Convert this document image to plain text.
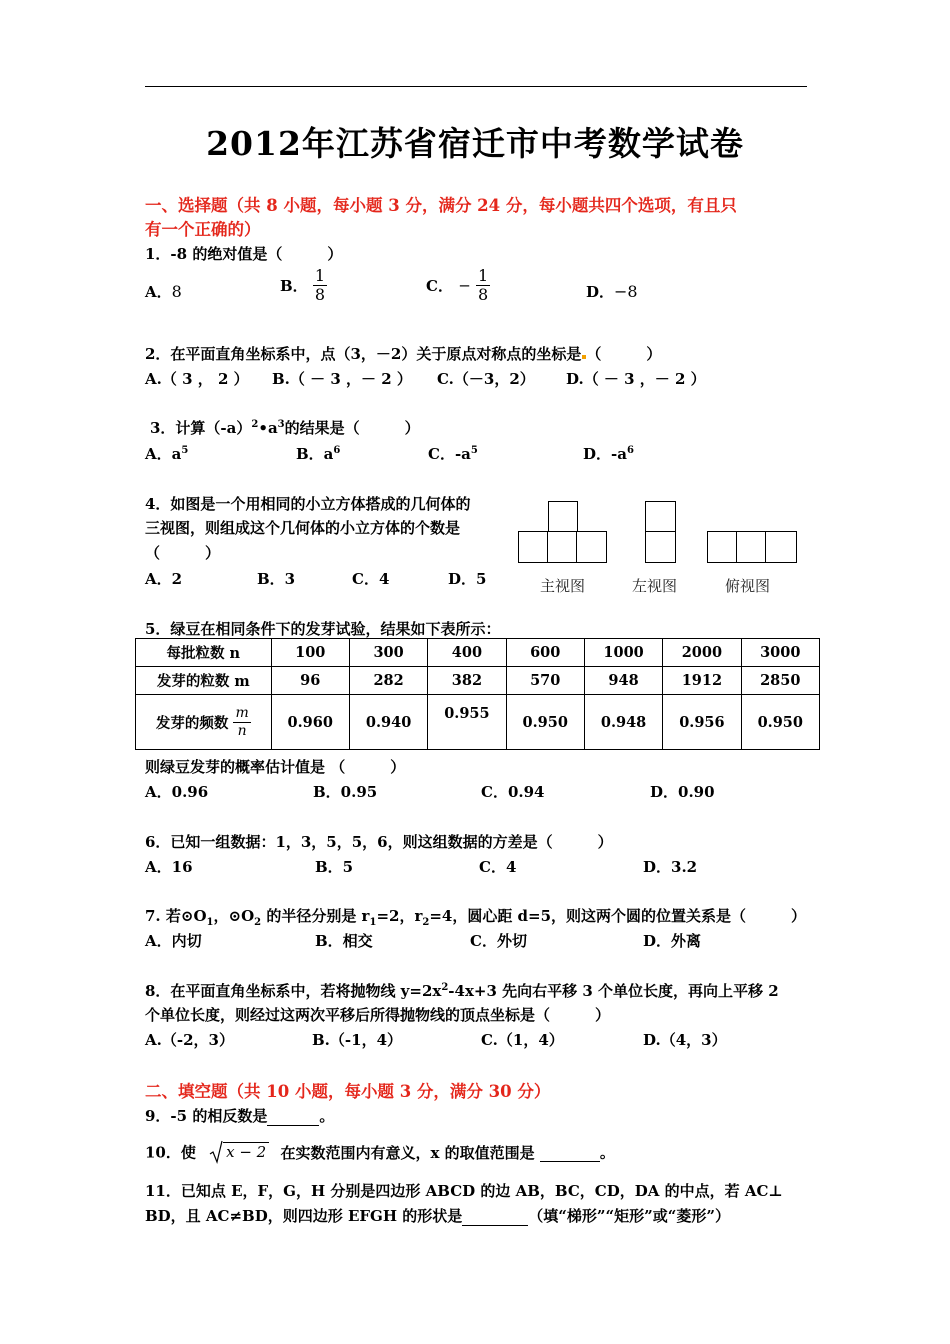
2012年江苏省宿迁市中考数学试卷
一、选择题（共 8 小题，每小题 3 分，满分 24 分，每小题共四个选项，有且只
有一个正确的）
1．-8 的绝对值是（　　　）
A．8	B． $\frac{1}{8}$	C． − $\frac{1}{8}$	D．−8
2．在平面直角坐标系中，点（3，－2）关于原点对称点的坐标是 （　　　）
A.（ 3 ， 2 ） B.（ － 3 ，－ 2 ） C.（－3，2） D.（ － 3 ，－ 2 ）
3．计算$(-a)^2•a^3$的结果是（　　　）
A．$a^5$	B．$a^6$	C．$-a^5$	D．$-a^6$
4．如图是一个用相同的小立方体搭成的几何体的
三视图，则组成这个几何体的小立方体的个数是
（　　　）
A．2	B．3	C．4	D．5	主视图	左视图	俯视图
5．绿豆在相同条件下的发芽试验，结果如下表所示：
每批粒数 n	100	300	400	600	1000	2000	3000
发芽的粒数 m	96	282	382	570	948	1912	2850
发芽的频数 $\frac{m}{n}$	0.960	0.940	0.955	0.950	0.948	0.956	0.950
则绿豆发芽的概率估计值是 （　　　）
A．0.96	B．0.95	C．0.94	D．0.90
6．已知一组数据：1，3，5，5，6，则这组数据的方差是（　　　）
A．16	B．5	C．4	D．3.2
7. 若$⊙O_1$，$⊙O_2$ 的半径分别是 $r_1=2$，$r_2=4$，圆心距 d=5，则这两个圆的位置关系是（　　　）
A．内切	B．相交	C．外切	D．外离
8．在平面直角坐标系中，若将抛物线 $y=2x^2-4x+3$ 先向右平移 3 个单位长度，再向上平移 2
个单位长度，则经过这两次平移后所得抛物线的顶点坐标是（　　　）
A.（-2，3）	B.（-1，4）	C.（1，4）	D.（4，3）
二、填空题（共 10 小题，每小题 3 分，满分 30 分）
9．-5 的相反数是	。
10．使 x − 2 在实数范围内有意义，x 的取值范围是	。
11．已知点 E，F，G，H 分别是四边形 ABCD 的边 AB，BC，CD，DA 的中点，若 AC⊥
BD，且 AC≠BD，则四边形 EFGH 的形状是	（填“梯形”“矩形”或“菱形”）
